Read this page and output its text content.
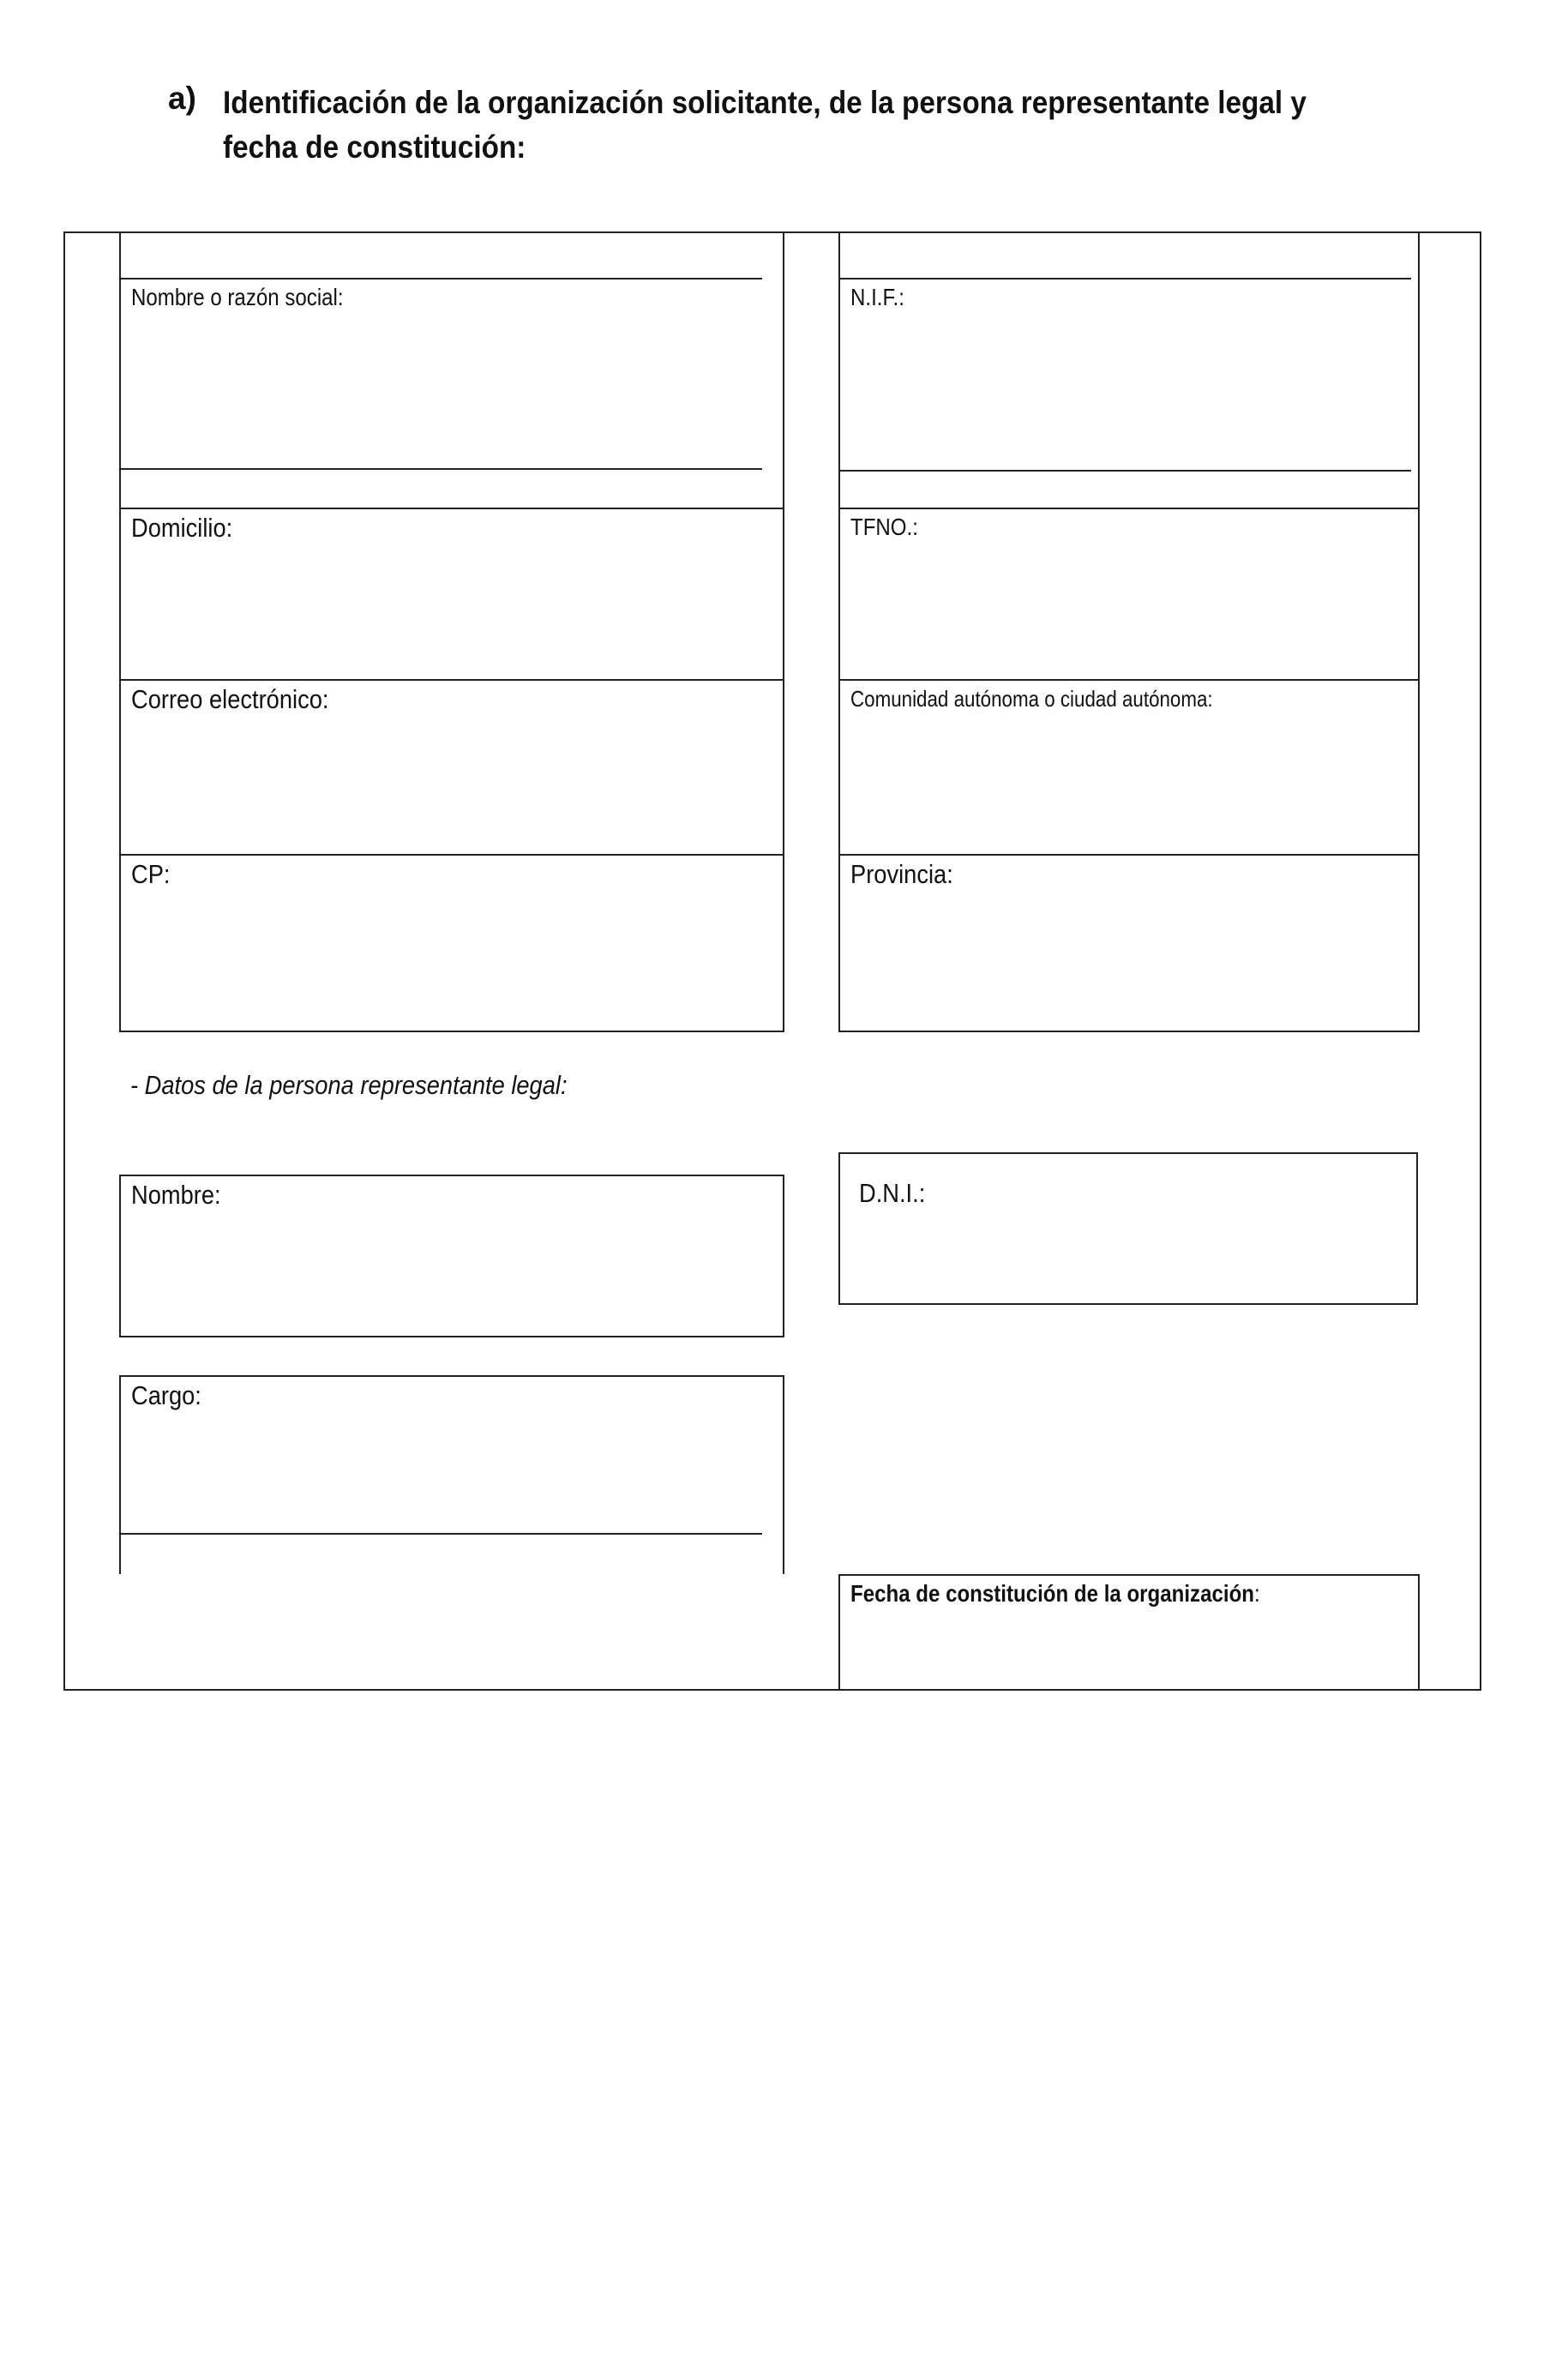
a) Identificación de la organización solicitante, de la persona representante legal y fecha de constitución:
Nombre o razón social:	N.I.F.:
Domicilio:	TFNO.:
Correo electrónico:	Comunidad autónoma o ciudad autónoma:
CP:	Provincia:
- Datos de la persona representante legal:
Nombre:	D.N.I.:
Cargo:
Fecha de constitución de la organización:
